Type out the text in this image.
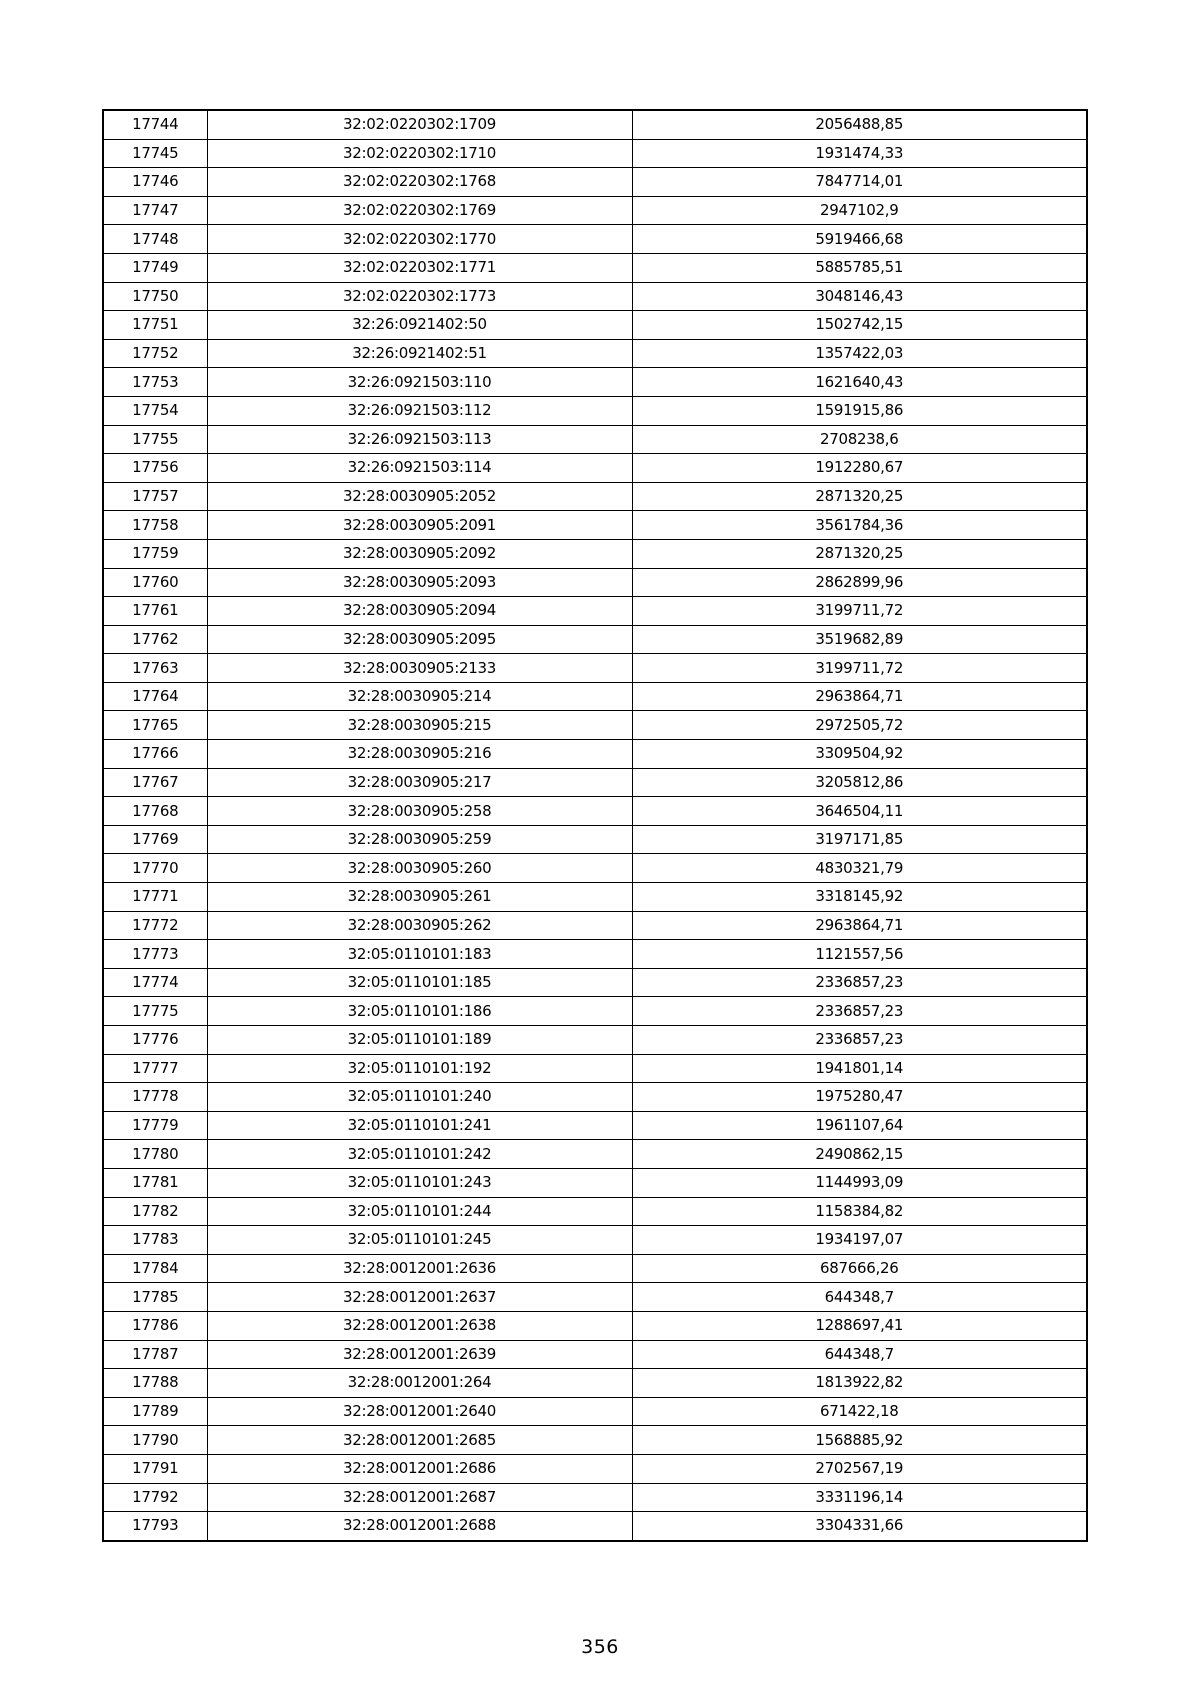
17744	32:02:0220302:1709	2056488,85
17745	32:02:0220302:1710	1931474,33
17746	32:02:0220302:1768	7847714,01
17747	32:02:0220302:1769	2947102,9
17748	32:02:0220302:1770	5919466,68
17749	32:02:0220302:1771	5885785,51
17750	32:02:0220302:1773	3048146,43
17751	32:26:0921402:50	1502742,15
17752	32:26:0921402:51	1357422,03
17753	32:26:0921503:110	1621640,43
17754	32:26:0921503:112	1591915,86
17755	32:26:0921503:113	2708238,6
17756	32:26:0921503:114	1912280,67
17757	32:28:0030905:2052	2871320,25
17758	32:28:0030905:2091	3561784,36
17759	32:28:0030905:2092	2871320,25
17760	32:28:0030905:2093	2862899,96
17761	32:28:0030905:2094	3199711,72
17762	32:28:0030905:2095	3519682,89
17763	32:28:0030905:2133	3199711,72
17764	32:28:0030905:214	2963864,71
17765	32:28:0030905:215	2972505,72
17766	32:28:0030905:216	3309504,92
17767	32:28:0030905:217	3205812,86
17768	32:28:0030905:258	3646504,11
17769	32:28:0030905:259	3197171,85
17770	32:28:0030905:260	4830321,79
17771	32:28:0030905:261	3318145,92
17772	32:28:0030905:262	2963864,71
17773	32:05:0110101:183	1121557,56
17774	32:05:0110101:185	2336857,23
17775	32:05:0110101:186	2336857,23
17776	32:05:0110101:189	2336857,23
17777	32:05:0110101:192	1941801,14
17778	32:05:0110101:240	1975280,47
17779	32:05:0110101:241	1961107,64
17780	32:05:0110101:242	2490862,15
17781	32:05:0110101:243	1144993,09
17782	32:05:0110101:244	1158384,82
17783	32:05:0110101:245	1934197,07
17784	32:28:0012001:2636	687666,26
17785	32:28:0012001:2637	644348,7
17786	32:28:0012001:2638	1288697,41
17787	32:28:0012001:2639	644348,7
17788	32:28:0012001:264	1813922,82
17789	32:28:0012001:2640	671422,18
17790	32:28:0012001:2685	1568885,92
17791	32:28:0012001:2686	2702567,19
17792	32:28:0012001:2687	3331196,14
17793	32:28:0012001:2688	3304331,66
356
